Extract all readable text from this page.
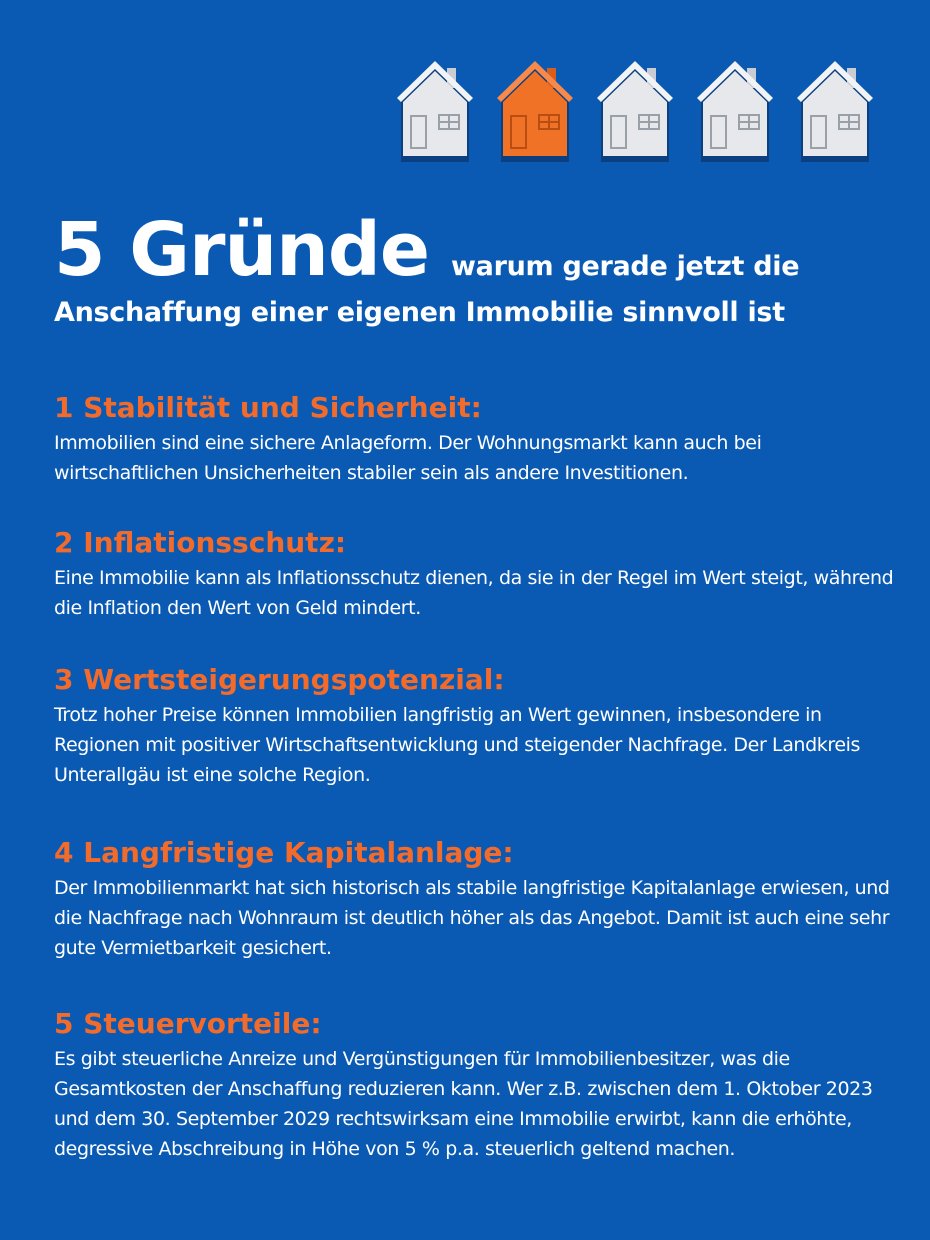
5 Gründe warum gerade jetzt die
Anschaffung einer eigenen Immobilie sinnvoll ist
1 Stabilität und Sicherheit:

Immobilien sind eine sichere Anlageform. Der Wohnungsmarkt kann auch bei wirtschaftlichen Unsicherheiten stabiler sein als andere Investitionen.

2 Inflationsschutz:

Eine Immobilie kann als Inflationsschutz dienen, da sie in der Regel im Wert steigt, während die Inflation den Wert von Geld mindert.

3 Wertsteigerungspotenzial:

Trotz hoher Preise können Immobilien langfristig an Wert gewinnen, insbesondere in Regionen mit positiver Wirtschaftsentwicklung und steigender Nachfrage. Der Landkreis Unterallgäu ist eine solche Region.

4 Langfristige Kapitalanlage:

Der Immobilienmarkt hat sich historisch als stabile langfristige Kapitalanlage erwiesen, und die Nachfrage nach Wohnraum ist deutlich höher als das Angebot. Damit ist auch eine sehr gute Vermietbarkeit gesichert.

5 Steuervorteile:

Es gibt steuerliche Anreize und Vergünstigungen für Immobilienbesitzer, was die Gesamtkosten der Anschaffung reduzieren kann. Wer z.B. zwischen dem 1. Oktober 2023 und dem 30. September 2029 rechtswirksam eine Immobilie erwirbt, kann die erhöhte, degressive Abschreibung in Höhe von 5 % p.a. steuerlich geltend machen.
